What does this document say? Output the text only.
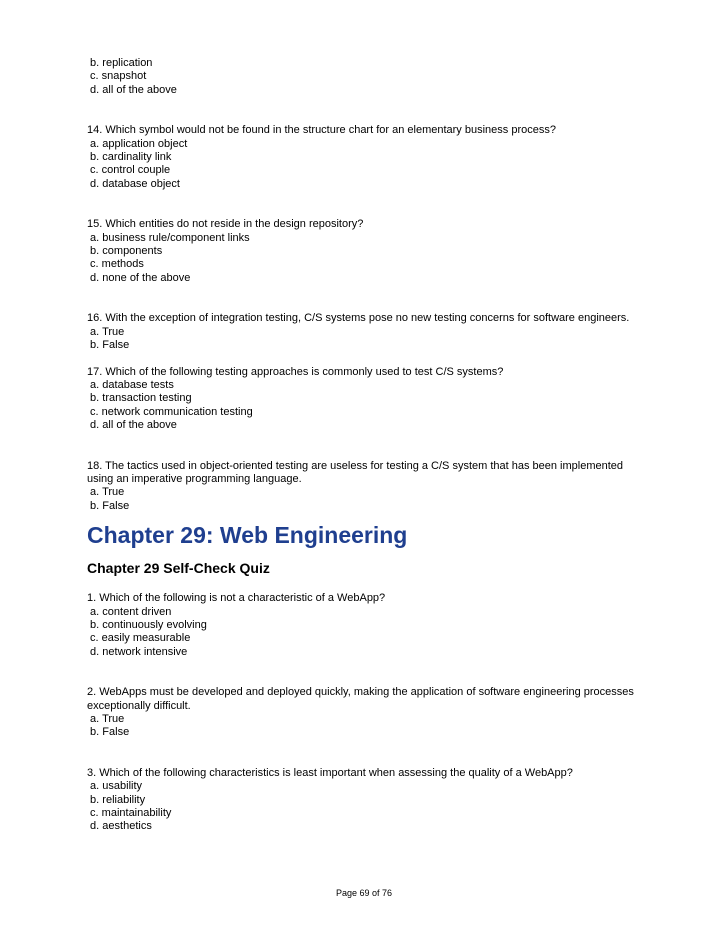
b. replication
c. snapshot
d. all of the above
14. Which symbol would not be found in the structure chart for an elementary business process?
a. application object
b. cardinality link
c. control couple
d. database object
15. Which entities do not reside in the design repository?
a. business rule/component links
b. components
c. methods
d. none of the above
16. With the exception of integration testing, C/S systems pose no new testing concerns for software engineers.
a. True
b. False
17. Which of the following testing approaches is commonly used to test C/S systems?
a. database tests
b. transaction testing
c. network communication testing
d. all of the above
18. The tactics used in object-oriented testing are useless for testing a C/S system that has been implemented using an imperative programming language.
a. True
b. False
Chapter 29: Web Engineering
Chapter 29 Self-Check Quiz
1. Which of the following is not a characteristic of a WebApp?
a. content driven
b. continuously evolving
c. easily measurable
d. network intensive
2. WebApps must be developed and deployed quickly, making the application of software engineering processes exceptionally difficult.
a. True
b. False
3. Which of the following characteristics is least important when assessing the quality of a WebApp?
a. usability
b. reliability
c. maintainability
d. aesthetics
Page 69 of 76
